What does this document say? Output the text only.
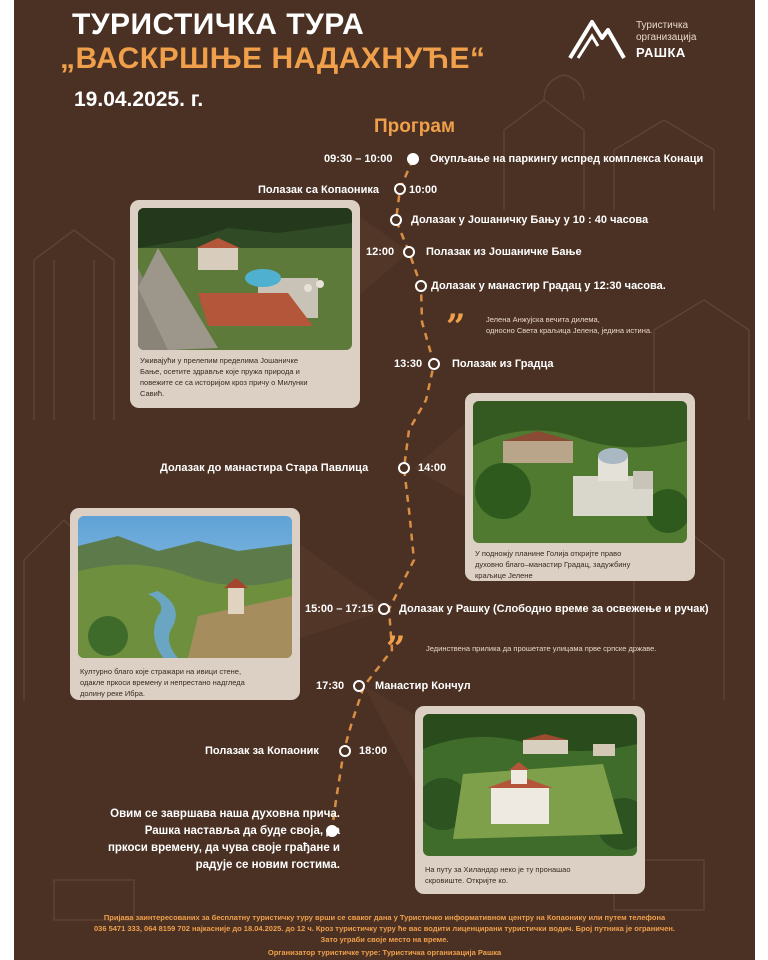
ТУРИСТИЧКА ТУРА
„ВАСКРШЊЕ НАДАХНУЋЕ“
19.04.2025. г.
Програм
Туристичка
организација
РАШКА
09:30 – 10:00	Окупљање на паркингу испред комплекса Конаци
Полазак са Копаоника	10:00
Долазак у Јошаничку Бању у 10 : 40 часова
12:00	Полазак из Јошаничке Бање
Долазак у манастир Градац у 12:30 часова.
”	Јелена Анжујска вечита дилема,
односно Света краљица Јелена, једина истина.
13:30	Полазак из Градца
Долазак до манастира Стара Павлица	14:00
15:00 – 17:15 Долазак у Рашку (Слободно време за освежење и ручак)
”	Јединствена прилика да прошетате улицама прве српске државе.
17:30	Манастир Кончул
Полазак за Копаоник	18:00
Уживајући у прелепим пределима Јошаничке
Бање, осетите здравље које пружа природа и
повежите се са историјом кроз причу о Милунки
Савић.
У подножју планине Голија откријте право
духовно благо–манастир Градац, задужбину
краљице Јелене
Културно благо које стражари на ивици стене,
одакле пркоси времену и непрестано надгледа
долину реке Ибра.
На путу за Хиландар неко је ту пронашао
скровиште. Откријте ко.
Овим се завршава наша духовна прича.
Рашка наставља да буде своја, да
пркоси времену, да чува своје грађане и
радује се новим гостима.
Пријава заинтересованих за бесплатну туристичку туру врши се сваког дана у Туристичко информативном центру на Копаонику или путем телефона
036 5471 333, 064 8159 702 најкасније до 18.04.2025. до 12 ч. Кроз туристичку туру ће вас водити лиценцирани туристички водич. Број путника је ограничен.
Зато уграби своје место на време.
Организатор туристичке туре: Туристичка организација Рашка
